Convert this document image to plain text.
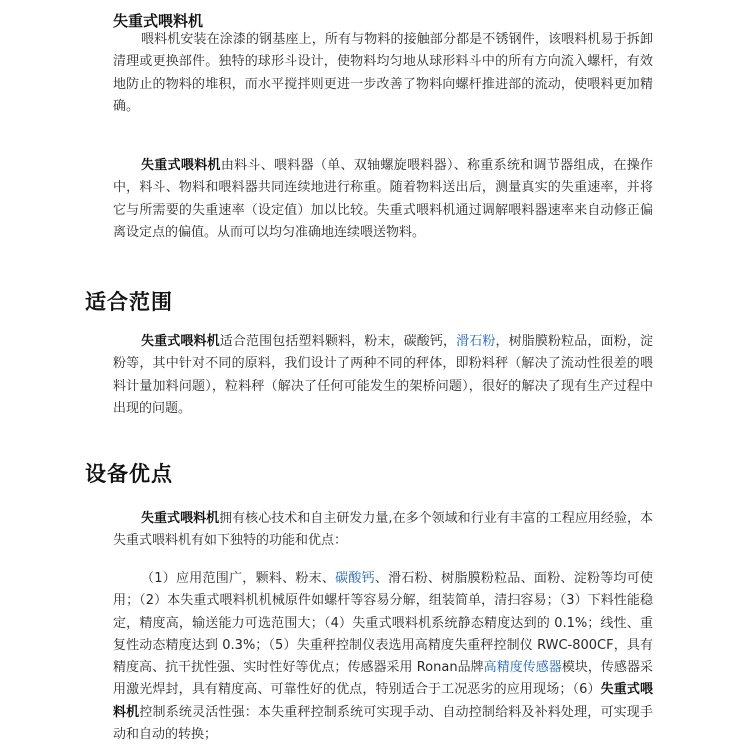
失重式喂料机

喂料机安装在涂漆的钢基座上，所有与物料的接触部分都是不锈钢件，该喂料机易于拆卸清理或更换部件。独特的球形斗设计，使物料均匀地从球形料斗中的所有方向流入螺杆，有效地防止的物料的堆积，而水平搅拌则更进一步改善了物料向螺杆推进部的流动，使喂料更加精确。

失重式喂料机由料斗、喂料器（单、双轴螺旋喂料器）、称重系统和调节器组成，在操作中，料斗、物料和喂料器共同连续地进行称重。随着物料送出后，测量真实的失重速率，并将它与所需要的失重速率（设定值）加以比较。失重式喂料机通过调解喂料器速率来自动修正偏离设定点的偏值。从而可以均匀准确地连续喂送物料。

适合范围

失重式喂料机适合范围包括塑料颗料，粉末，碳酸钙，滑石粉，树脂膜粉粒品，面粉，淀粉等，其中针对不同的原料，我们设计了两种不同的秤体，即粉料秤（解决了流动性很差的喂料计量加料问题），粒料秤（解决了任何可能发生的架桥问题），很好的解决了现有生产过程中出现的问题。

设备优点

失重式喂料机拥有核心技术和自主研发力量,在多个领域和行业有丰富的工程应用经验，本失重式喂料机有如下独特的功能和优点：

（1）应用范围广，颗料、粉末、碳酸钙、滑石粉、树脂膜粉粒品、面粉、淀粉等均可使用；（2）本失重式喂料机机械原件如螺杆等容易分解，组装简单，清扫容易；（3）下料性能稳定，精度高，输送能力可选范围大；（4）失重式喂料机系统静态精度达到的 0.1%；线性、重复性动态精度达到 0.3%；（5）失重秤控制仪表选用高精度失重秤控制仪 RWC-800CF，具有精度高、抗干扰性强、实时性好等优点；传感器采用 Ronan品牌高精度传感器模块，传感器采用激光焊封，具有精度高、可靠性好的优点，特别适合于工况恶劣的应用现场；（6）失重式喂料机控制系统灵活性强：本失重秤控制系统可实现手动、自动控制给料及补料处理，可实现手动和自动的转换；
